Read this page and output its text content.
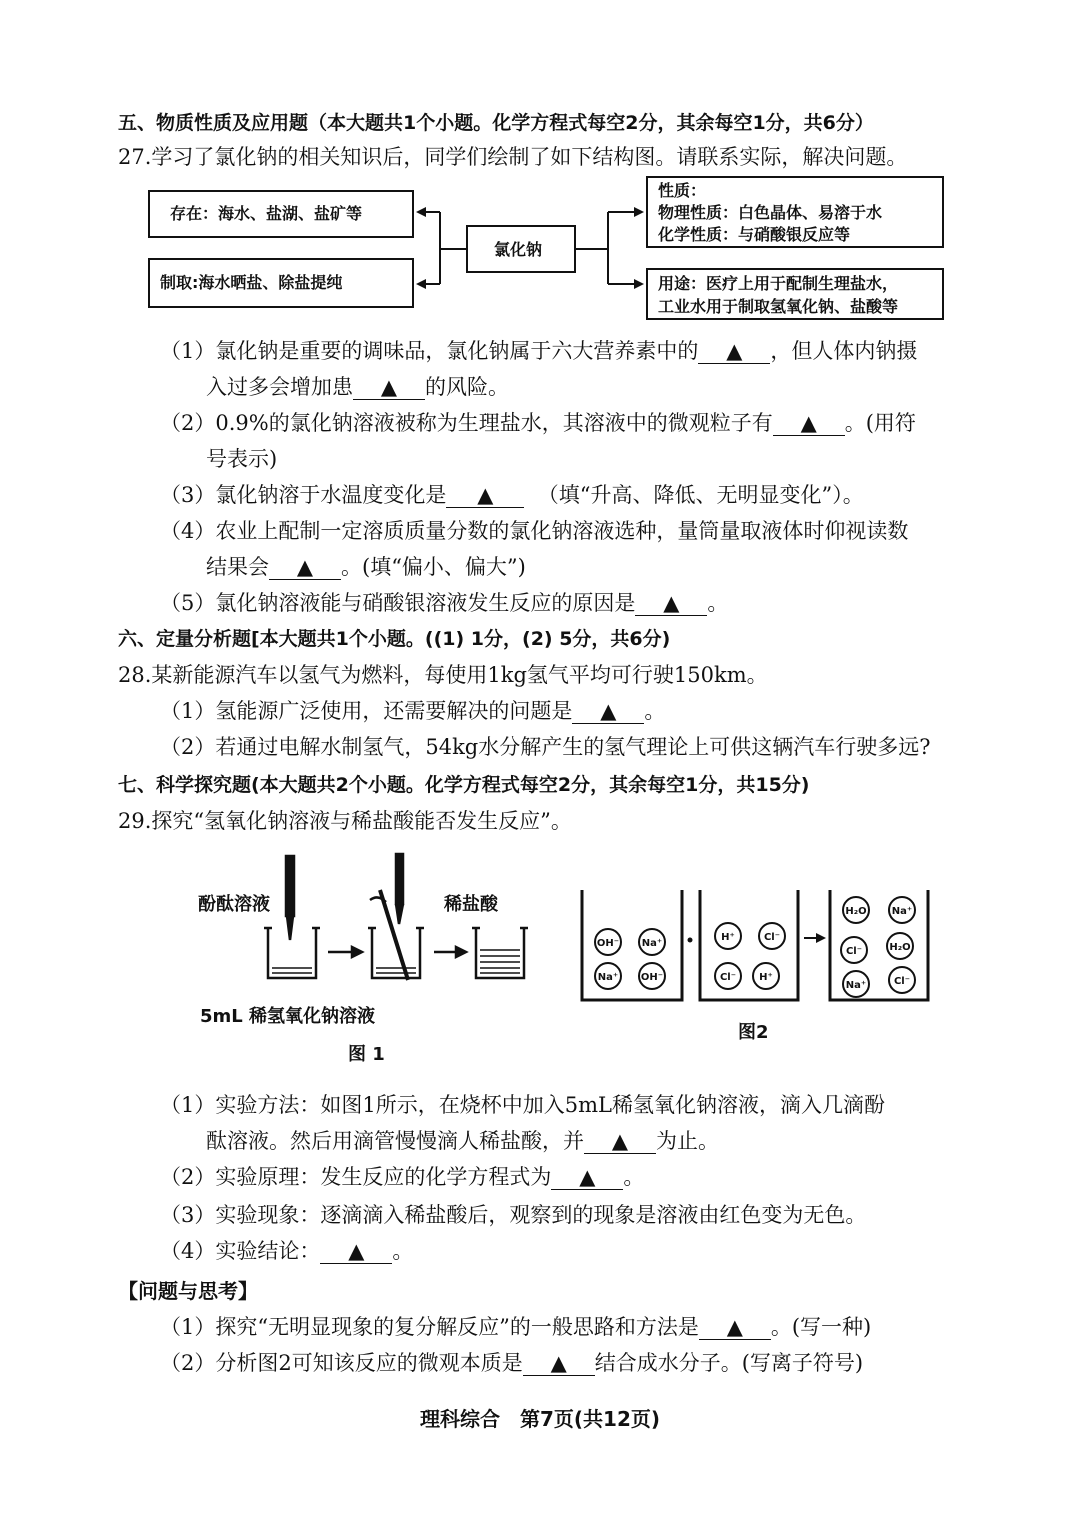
五、物质性质及应用题（本大题共1个小题。化学方程式每空2分，其余每空1分，共6分）
27.学习了氯化钠的相关知识后，同学们绘制了如下结构图。请联系实际，解决问题。
存在：海水、盐湖、盐矿等
制取:海水晒盐、除盐提纯
氯化钠
性质：
物理性质：白色晶体、易溶于水
化学性质：与硝酸银反应等
用途：医疗上用于配制生理盐水，
工业水用于制取氢氧化钠、盐酸等
（1）氯化钠是重要的调味品，氯化钠属于六大营养素中的 ▲ ，但人体内钠摄
入过多会增加患 ▲ 的风险。
（2）0.9%的氯化钠溶液被称为生理盐水，其溶液中的微观粒子有 ▲ 。(用符
号表示)
（3）氯化钠溶于水温度变化是 ▲ （填“升高、降低、无明显变化”）。
（4）农业上配制一定溶质质量分数的氯化钠溶液选种，量筒量取液体时仰视读数
结果会 ▲ 。(填“偏小、偏大”)
（5）氯化钠溶液能与硝酸银溶液发生反应的原因是 ▲ 。
六、定量分析题[本大题共1个小题。((1) 1分，(2) 5分，共6分)
28.某新能源汽车以氢气为燃料，每使用1kg氢气平均可行驶150km。
（1）氢能源广泛使用，还需要解决的问题是 ▲ 。
（2）若通过电解水制氢气，54kg水分解产生的氢气理论上可供这辆汽车行驶多远?
七、科学探究题(本大题共2个小题。化学方程式每空2分，其余每空1分，共15分)
29.探究“氢氧化钠溶液与稀盐酸能否发生反应”。
酚酞溶液	稀盐酸
5mL 稀氢氧化钠溶液
图 1
图2
OH⁻ Na⁺
Na⁺ OH⁻
H⁺	Cl⁻
Cl⁻ H⁺
H₂O	Na⁺
Cl⁻	H₂O
Na⁺	Cl⁻
（1）实验方法：如图1所示，在烧杯中加入5mL稀氢氧化钠溶液，滴入几滴酚
酞溶液。然后用滴管慢慢滴人稀盐酸，并 ▲ 为止。
（2）实验原理：发生反应的化学方程式为 ▲ 。
（3）实验现象：逐滴滴入稀盐酸后，观察到的现象是溶液由红色变为无色。
（4）实验结论： ▲ 。
【问题与思考】
（1）探究“无明显现象的复分解反应”的一般思路和方法是 ▲ 。(写一种)
（2）分析图2可知该反应的微观本质是 ▲ 结合成水分子。(写离子符号)
理科综合　第7页(共12页)
